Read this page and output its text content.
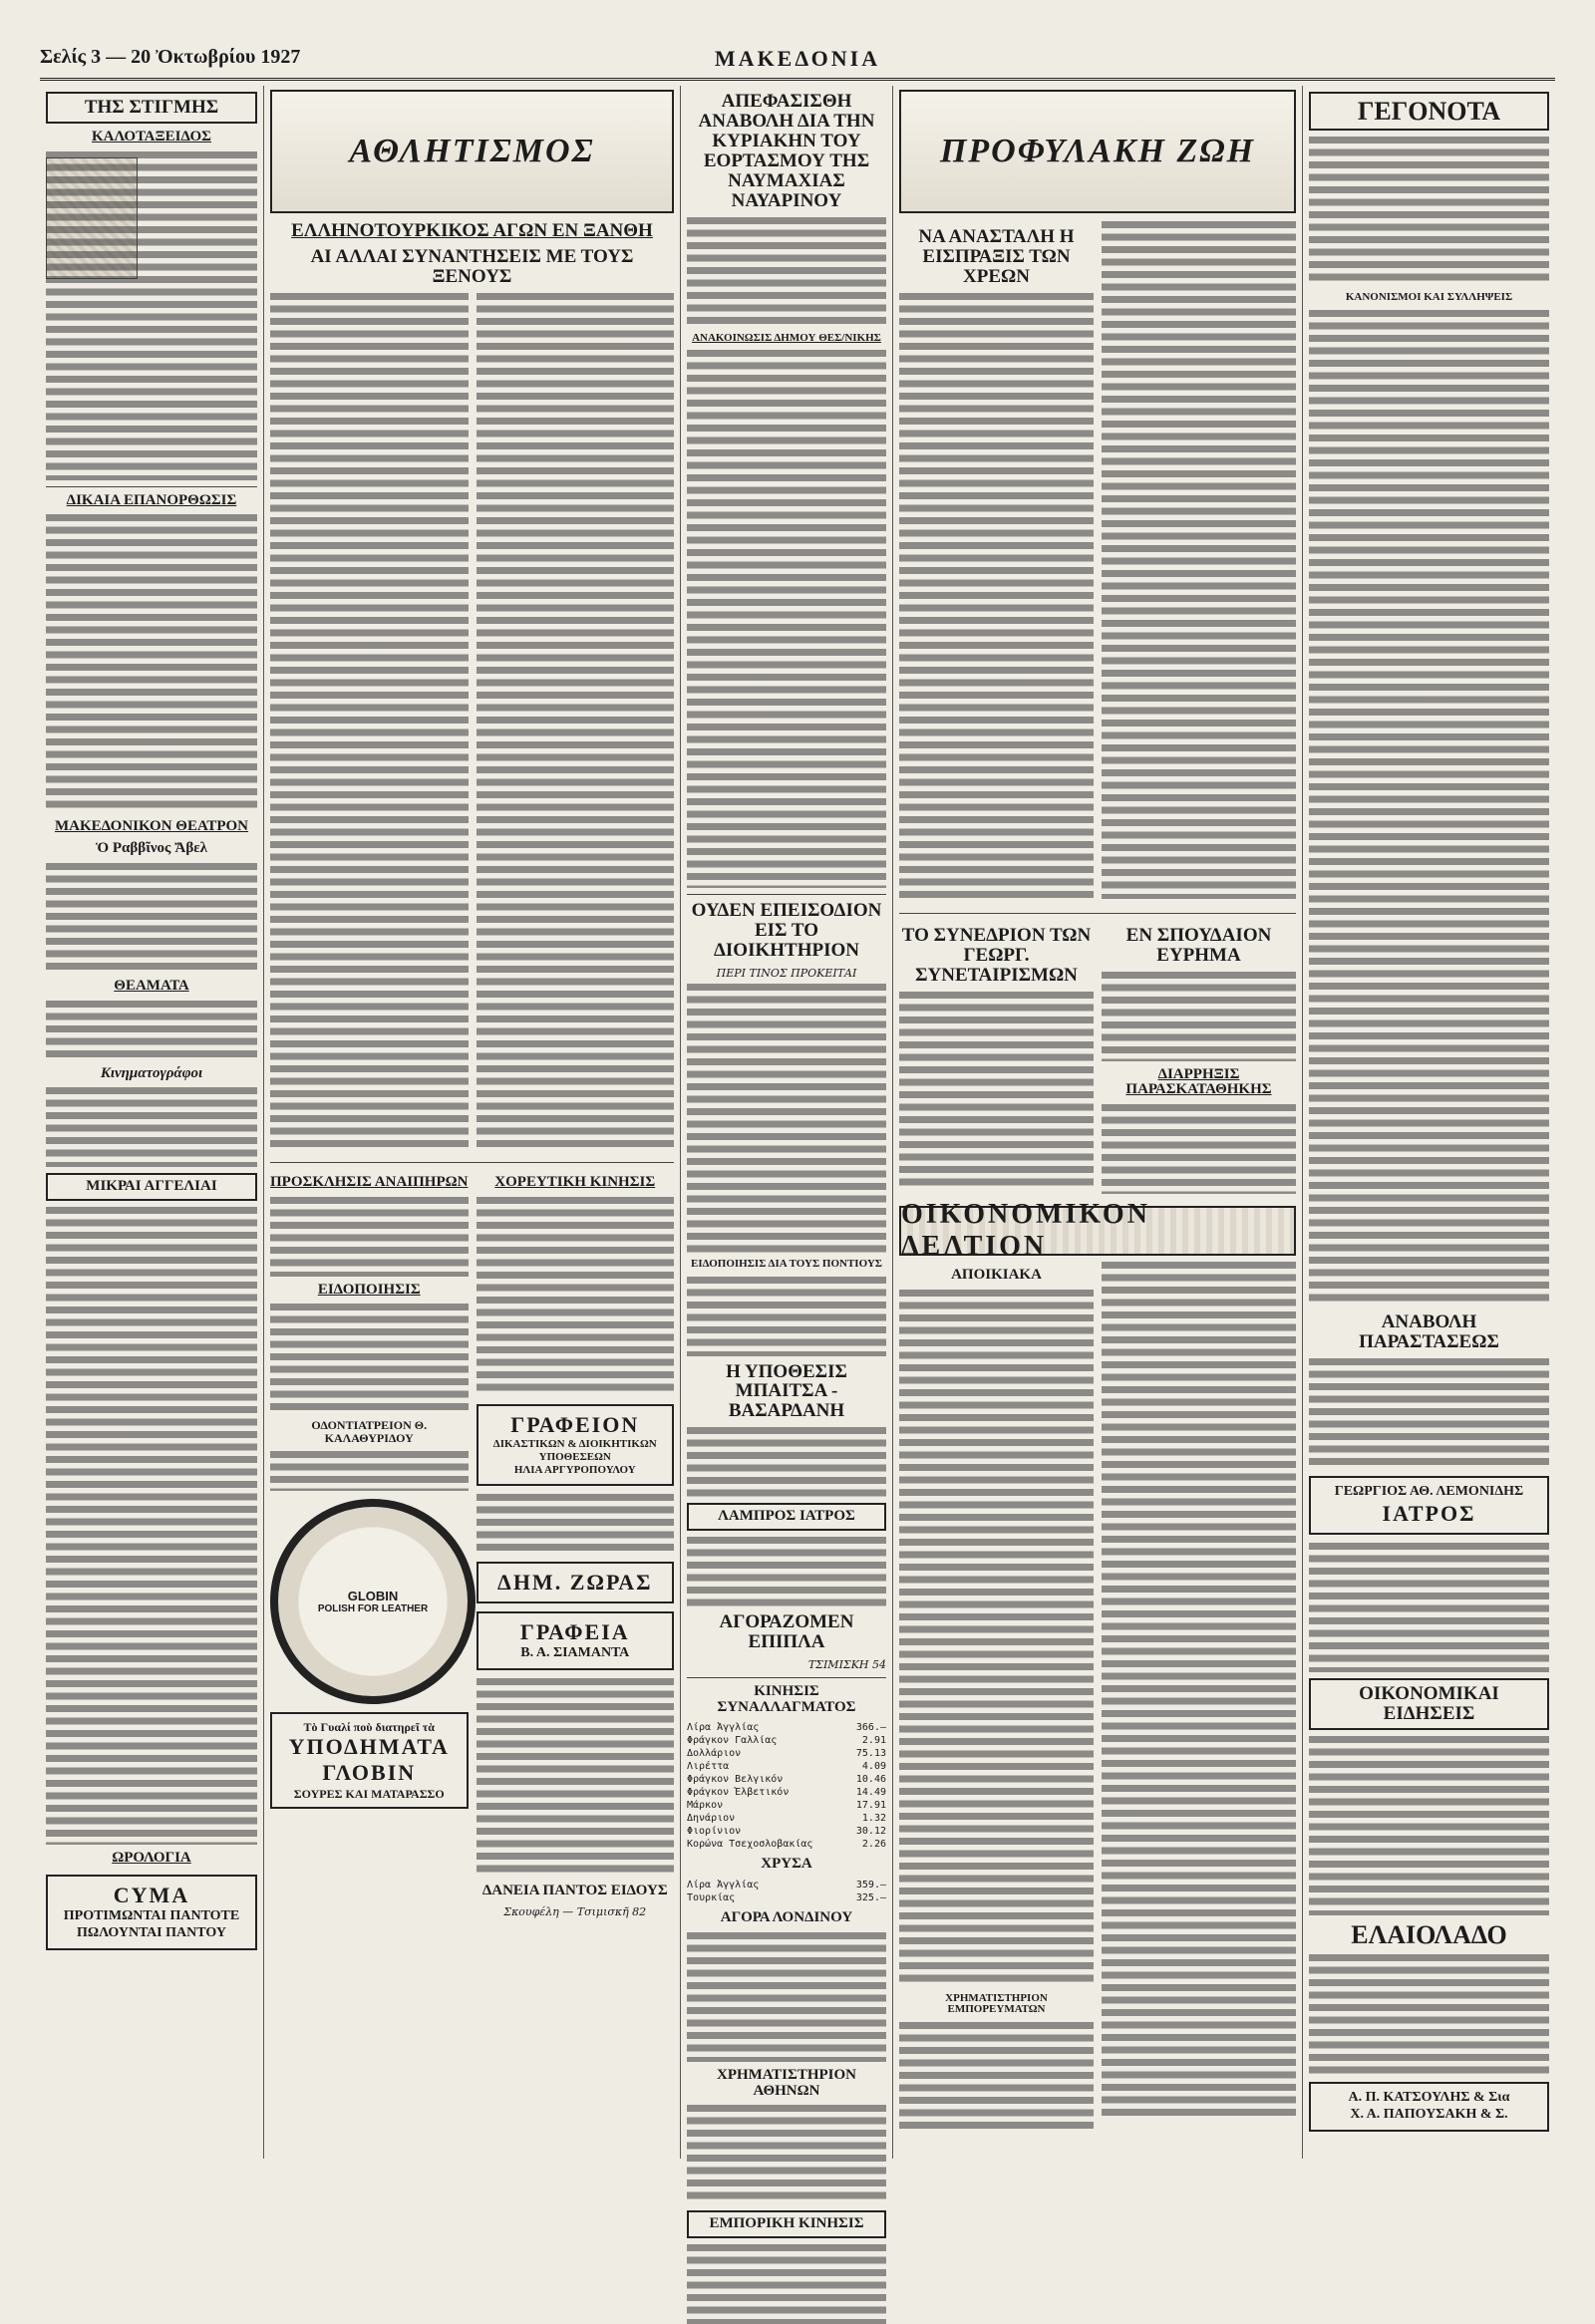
Σελίς 3 — 20 Ὀκτωβρίου 1927	ΜΑΚΕΔΟΝΙΑ
ΤΗΣ ΣΤΙΓΜΗΣ
ΚΑΛΟΤΑΞΕΙΔΟΣ

ΔΙΚΑΙΑ ΕΠΑΝΟΡΘΩΣΙΣ

ΜΑΚΕΔΟΝΙΚΟΝ ΘΕΑΤΡΟΝ
Ὁ Ραββῖνος Ἄβελ

ΘΕΑΜΑΤΑ

Κινηματογράφοι

ΜΙΚΡΑΙ ΑΓΓΕΛΙΑΙ

ΩΡΟΛΟΓΙΑ
CYMA
ΠΡΟΤΙΜΩΝΤΑΙ ΠΑΝΤΟΤΕ
ΠΩΛΟΥΝΤΑΙ ΠΑΝΤΟΥ
ΑΘΛΗΤΙΣΜΟΣ
ΕΛΛΗΝΟΤΟΥΡΚΙΚΟΣ ΑΓΩΝ ΕΝ ΞΑΝΘΗ
ΑΙ ΑΛΛΑΙ ΣΥΝΑΝΤΗΣΕΙΣ ΜΕ ΤΟΥΣ ΞΕΝΟΥΣ

ΠΡΟΣΚΛΗΣΙΣ ΑΝΑΙΠΗΡΩΝ

ΕΙΔΟΠΟΙΗΣΙΣ

ΟΔΟΝΤΙΑΤΡΕΙΟΝ Θ. ΚΑΛΑΘΥΡΙΔΟΥ

GLOBIN
POLISH FOR LEATHER
Τὸ Γυαλί ποὺ διατηρεῖ τὰ
ΥΠΟΔΗΜΑΤΑ
ΓΛΟΒΙΝ
ΣΟΥΡΕΣ ΚΑΙ ΜΑΤΑΡΑΣΣΟ
ΧΟΡΕΥΤΙΚΗ ΚΙΝΗΣΙΣ

ΓΡΑΦΕΙΟΝ
ΔΙΚΑΣΤΙΚΩΝ & ΔΙΟΙΚΗΤΙΚΩΝ ΥΠΟΘΕΣΕΩΝ
ΗΛΙΑ ΑΡΓΥΡΟΠΟΥΛΟΥ

ΔΗΜ. ΖΩΡΑΣ
ΓΡΑΦΕΙΑ
Β. Α. ΣΙΑΜΑΝΤΑ

ΔΑΝΕΙΑ ΠΑΝΤΟΣ ΕΙΔΟΥΣ
Σκουφέλη — Τσιμισκῆ 82
ΑΠΕΦΑΣΙΣΘΗ ΑΝΑΒΟΛΗ ΔΙΑ ΤΗΝ ΚΥΡΙΑΚΗΝ ΤΟΥ ΕΟΡΤΑΣΜΟΥ ΤΗΣ ΝΑΥΜΑΧΙΑΣ ΝΑΥΑΡΙΝΟΥ

ΑΝΑΚΟΙΝΩΣΙΣ ΔΗΜΟΥ ΘΕΣ/ΝΙΚΗΣ

ΟΥΔΕΝ ΕΠΕΙΣΟΔΙΟΝ ΕΙΣ ΤΟ ΔΙΟΙΚΗΤΗΡΙΟΝ
ΠΕΡΙ ΤΙΝΟΣ ΠΡΟΚΕΙΤΑΙ

ΕΙΔΟΠΟΙΗΣΙΣ ΔΙΑ ΤΟΥΣ ΠΟΝΤΙΟΥΣ

Η ΥΠΟΘΕΣΙΣ ΜΠΑΙΤΣΑ - ΒΑΣΑΡΔΑΝΗ

ΛΑΜΠΡΟΣ ΙΑΤΡΟΣ

ΑΓΟΡΑΖΟΜΕΝ ΕΠΙΠΛΑ
ΤΣΙΜΙΣΚΗ 54
ΚΙΝΗΣΙΣ ΣΥΝΑΛΛΑΓΜΑΤΟΣ
Λίρα Ἀγγλίας	366.—
Φράγκον Γαλλίας	2.91
Δολλάριον	75.13
Λιρέττα	4.09
Φράγκον Βελγικόν	10.46
Φράγκον Ἑλβετικόν	14.49
Μάρκον	17.91
Δηνάριον	1.32
Φιορίνιον	30.12
Κορώνα Τσεχοσλοβακίας	2.26
ΧΡΥΣΑ
Λίρα Ἀγγλίας	359.—
Τουρκίας	325.—
ΑΓΟΡΑ ΛΟΝΔΙΝΟΥ

ΧΡΗΜΑΤΙΣΤΗΡΙΟΝ ΑΘΗΝΩΝ

ΕΜΠΟΡΙΚΗ ΚΙΝΗΣΙΣ

ΠΡΟΦΥΛΑΚΗ ΖΩΗ
ΝΑ ΑΝΑΣΤΑΛΗ Η ΕΙΣΠΡΑΞΙΣ ΤΩΝ ΧΡΕΩΝ

ΤΟ ΣΥΝΕΔΡΙΟΝ ΤΩΝ ΓΕΩΡΓ. ΣΥΝΕΤΑΙΡΙΣΜΩΝ

ΕΝ ΣΠΟΥΔΑΙΟΝ ΕΥΡΗΜΑ

ΔΙΑΡΡΗΞΙΣ ΠΑΡΑΣΚΑΤΑΘΗΚΗΣ

ΟΙΚΟΝΟΜΙΚΟΝ ΔΕΛΤΙΟΝ
ΑΠΟΙΚΙΑΚΑ

ΧΡΗΜΑΤΙΣΤΗΡΙΟΝ ΕΜΠΟΡΕΥΜΑΤΩΝ

ΓΕΓΟΝΟΤΑ

ΚΑΝΟΝΙΣΜΟΙ ΚΑΙ ΣΥΛΛΗΨΕΙΣ

ΑΝΑΒΟΛΗ ΠΑΡΑΣΤΑΣΕΩΣ

ΓΕΩΡΓΙΟΣ ΑΘ. ΛΕΜΟΝΙΔΗΣ
ΙΑΤΡΟΣ

ΟΙΚΟΝΟΜΙΚΑΙ ΕΙΔΗΣΕΙΣ

ΕΛΑΙΟΛΑΔΟ

Α. Π. ΚΑΤΣΟΥΛΗΣ & Σια
Χ. Α. ΠΑΠΟΥΣΑΚΗ & Σ.
